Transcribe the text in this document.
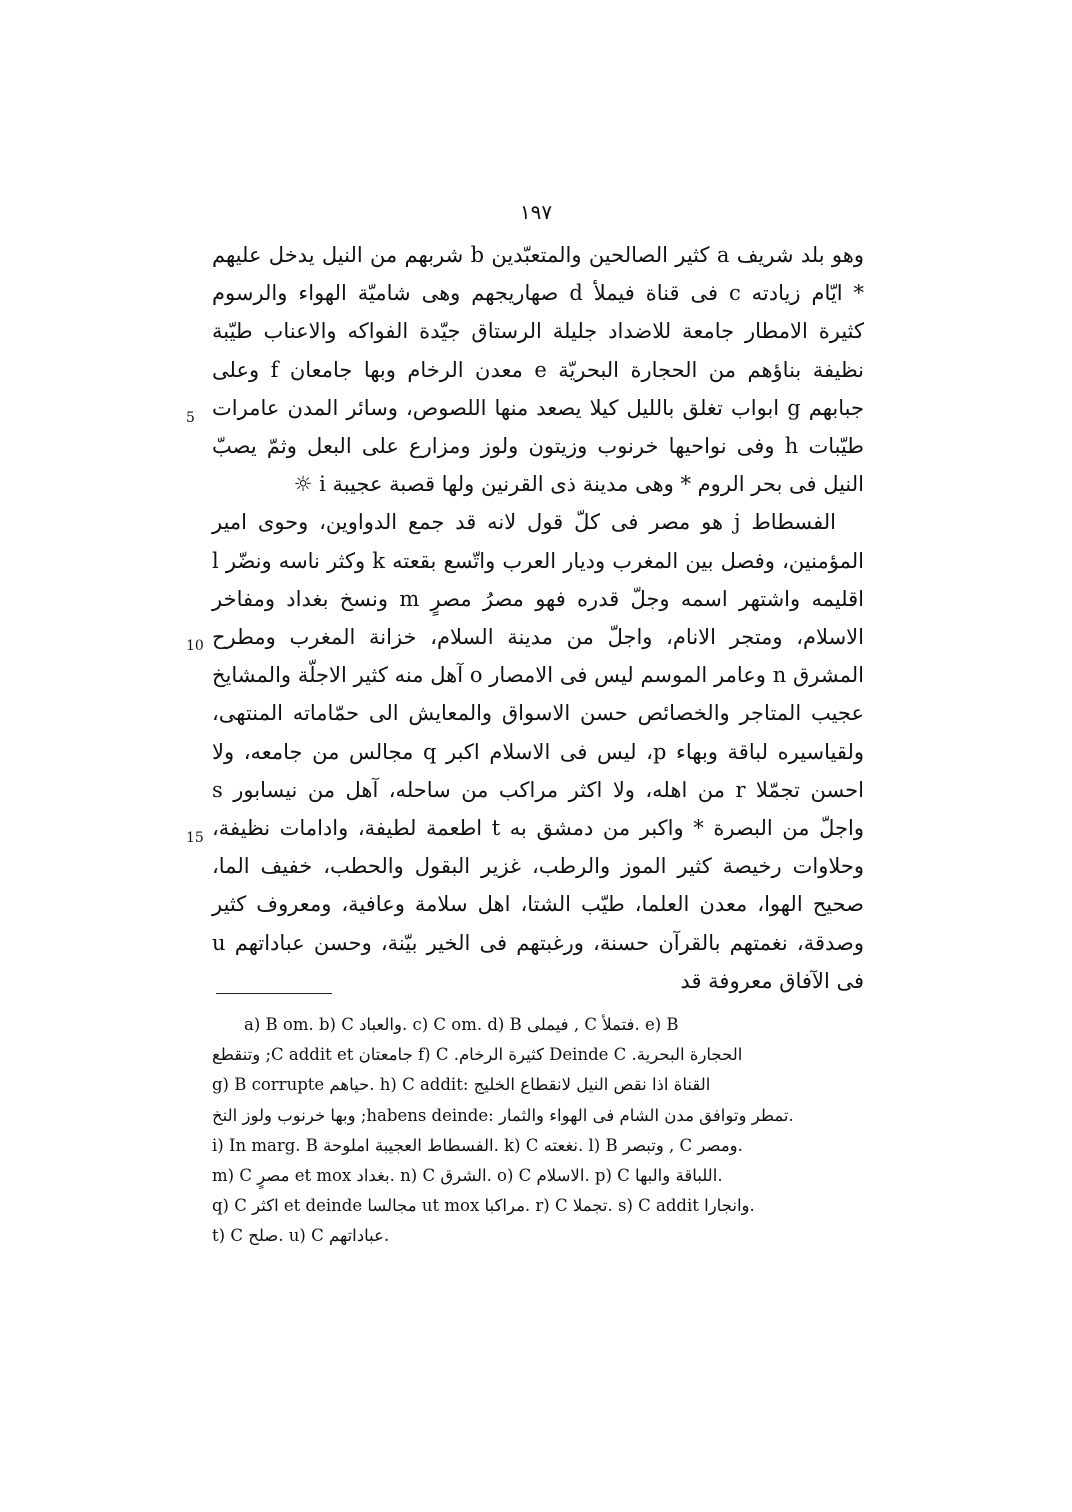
١٩٧

وهو بلد شريف a كثير الصالحين والمتعبّدين b شربهم من النيل يدخل عليهم * ايّام زيادته c فى قناة فيملأ d صهاريجهم وهى شاميّة الهواء والرسوم كثيرة الامطار جامعة للاضداد جليلة الرستاق جيّدة الفواكه والاعناب طيّبة نظيفة بناؤهم من الحجارة البحريّة e معدن الرخام وبها جامعان f وعلى جبابهم g ابواب تغلق بالليل كيلا يصعد منها اللصوص، وسائر المدن عامرات طيّبات h وفى نواحيها خرنوب وزيتون ولوز ومزارع على البعل وثمّ يصبّ النيل فى بحر الروم * وهى مدينة ذى القرنين ولها قصبة عجيبة i ☼

الفسطاط j هو مصر فى كلّ قول لانه قد جمع الدواوين، وحوى امير المؤمنين، وفصل بين المغرب وديار العرب واتّسع بقعته k وكثر ناسه ونضّر l اقليمه واشتهر اسمه وجلّ قدره فهو مصرُ مصرٍ m ونسخ بغداد ومفاخر الاسلام، ومتجر الانام، واجلّ من مدينة السلام، خزانة المغرب ومطرح المشرق n وعامر الموسم ليس فى الامصار o آهل منه كثير الاجلّة والمشايخ عجيب المتاجر والخصائص حسن الاسواق والمعايش الى حمّاماته المنتهى، ولقياسيره لباقة وبهاء p، ليس فى الاسلام اكبر q مجالس من جامعه، ولا احسن تجمّلا r من اهله، ولا اكثر مراكب من ساحله، آهل من نيسابور s واجلّ من البصرة * واكبر من دمشق به t اطعمة لطيفة، وادامات نظيفة، وحلاوات رخيصة كثير الموز والرطب، غزير البقول والحطب، خفيف الما، صحيح الهوا، معدن العلما، طيّب الشتا، اهل سلامة وعافية، ومعروف كثير وصدقة، نغمتهم بالقرآن حسنة، ورغبتهم فى الخير بيّنة، وحسن عباداتهم u فى الآفاق معروفة قد

5
10
15

a) B om. b) C والعباد. c) C om. d) B فيملى , C فتملأ. e) B

وتنقطع ;C addit et جامعتان f) C .كثيرة الرخام Deinde C .الحجارة البحرية

g) B corrupte حياهم. h) C addit: القناة اذا نقص النيل لانقطاع الخليج

وبها خرنوب ولوز النخ ;habens deinde: تمطر وتوافق مدن الشام فى الهواء والثمار.

i) In marg. B الفسطاط العجيبة املوحة. k) C نغعته. l) B وتبصر , C ومصر.

m) C مصرٍ et mox بغداد. n) C الشرق. o) C الاسلام. p) C اللباقة والبها.

q) C اكثر et deinde مجالسا ut mox مراكبا. r) C تجملا. s) C addit وانجارا.

t) C صلح. u) C عباداتهم.
